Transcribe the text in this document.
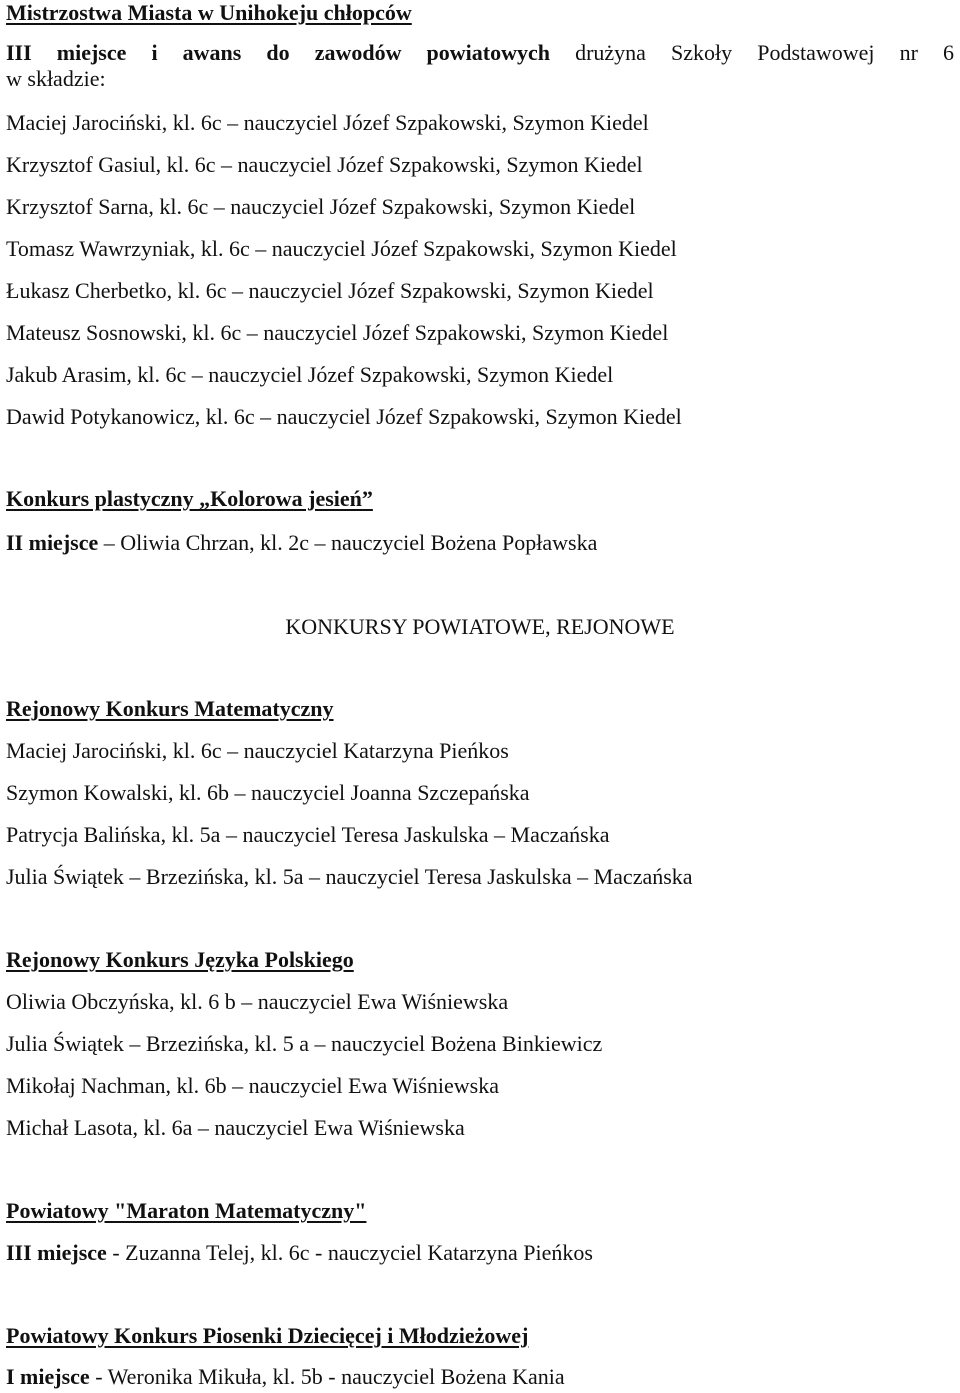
Mistrzostwa Miasta w Unihokeju chłopców
III miejsce i awans do zawodów powiatowych drużyna Szkoły Podstawowej nr 6
w składzie:
Maciej Jarociński, kl. 6c – nauczyciel Józef Szpakowski, Szymon Kiedel
Krzysztof Gasiul, kl. 6c – nauczyciel Józef Szpakowski, Szymon Kiedel
Krzysztof Sarna, kl. 6c – nauczyciel Józef Szpakowski, Szymon Kiedel
Tomasz Wawrzyniak, kl. 6c – nauczyciel Józef Szpakowski, Szymon Kiedel
Łukasz Cherbetko, kl. 6c – nauczyciel Józef Szpakowski, Szymon Kiedel
Mateusz Sosnowski, kl. 6c – nauczyciel Józef Szpakowski, Szymon Kiedel
Jakub Arasim, kl. 6c – nauczyciel Józef Szpakowski, Szymon Kiedel
Dawid Potykanowicz, kl. 6c – nauczyciel Józef Szpakowski, Szymon Kiedel
Konkurs plastyczny „Kolorowa jesień”
II miejsce – Oliwia Chrzan, kl. 2c – nauczyciel Bożena Popławska
KONKURSY POWIATOWE, REJONOWE
Rejonowy Konkurs Matematyczny
Maciej Jarociński, kl. 6c – nauczyciel Katarzyna Pieńkos
Szymon Kowalski, kl. 6b – nauczyciel Joanna Szczepańska
Patrycja Balińska, kl. 5a – nauczyciel Teresa Jaskulska – Maczańska
Julia Świątek – Brzezińska, kl. 5a – nauczyciel Teresa Jaskulska – Maczańska
Rejonowy Konkurs Języka Polskiego
Oliwia Obczyńska, kl. 6 b – nauczyciel Ewa Wiśniewska
Julia Świątek – Brzezińska, kl. 5 a – nauczyciel Bożena Binkiewicz
Mikołaj Nachman, kl. 6b – nauczyciel Ewa Wiśniewska
Michał Lasota, kl. 6a – nauczyciel Ewa Wiśniewska
Powiatowy "Maraton Matematyczny"
III miejsce - Zuzanna Telej, kl. 6c - nauczyciel Katarzyna Pieńkos
Powiatowy Konkurs Piosenki Dziecięcej i Młodzieżowej
I miejsce - Weronika Mikuła, kl. 5b - nauczyciel Bożena Kania
